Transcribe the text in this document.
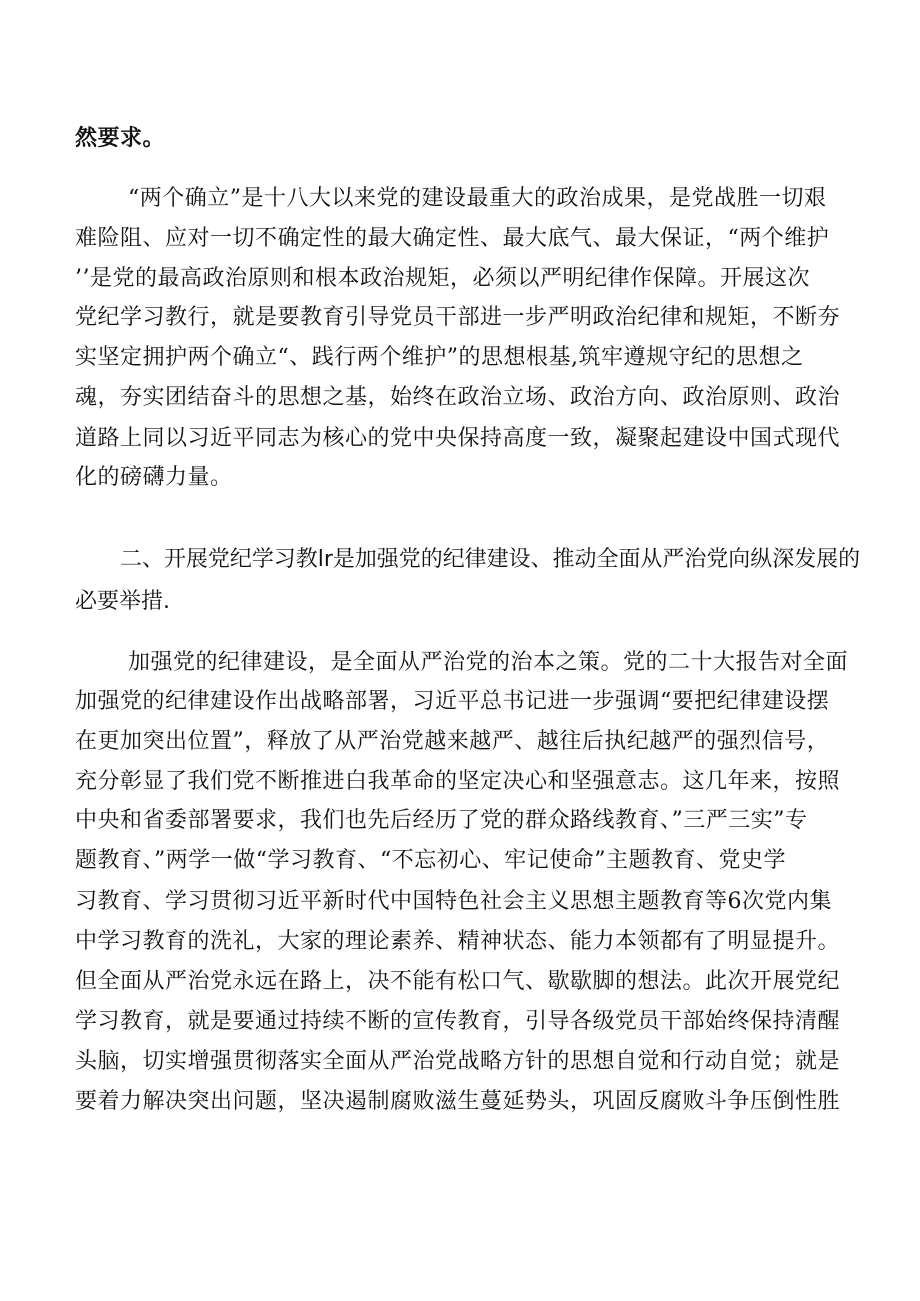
然要求。
“两个确立”是十八大以来党的建设最重大的政治成果，是党战胜一切艰
难险阻、应对一切不确定性的最大确定性、最大底气、最大保证，“两个维护
’’是党的最高政治原则和根本政治规矩，必须以严明纪律作保障。开展这次
党纪学习教行，就是要教育引导党员干部进一步严明政治纪律和规矩，不断夯
实坚定拥护两个确立“、践行两个维护”的思想根基,筑牢遵规守纪的思想之
魂，夯实团结奋斗的思想之基，始终在政治立场、政治方向、政治原则、政治
道路上同以习近平同志为核心的党中央保持高度一致，凝聚起建设中国式现代
化的磅礴力量。
二、开展党纪学习教lr是加强党的纪律建设、推动全面从严治党向纵深发展的
必要举措.
加强党的纪律建设，是全面从严治党的治本之策。党的二十大报告对全面
加强党的纪律建设作出战略部署，习近平总书记进一步强调“要把纪律建设摆
在更加突出位置”，释放了从严治党越来越严、越往后执纪越严的强烈信号，
充分彰显了我们党不断推进白我革命的坚定决心和坚强意志。这几年来，按照
中央和省委部署要求，我们也先后经历了党的群众路线教育、”三严三实”专
题教育、”两学一做“学习教育、“不忘初心、牢记使命”主题教育、党史学
习教育、学习贯彻习近平新时代中国特色社会主义思想主题教育等6次党内集
中学习教育的洗礼，大家的理论素养、精神状态、能力本领都有了明显提升。
但全面从严治党永远在路上，决不能有松口气、歇歇脚的想法。此次开展党纪
学习教育，就是要通过持续不断的宣传教育，引导各级党员干部始终保持清醒
头脑，切实增强贯彻落实全面从严治党战略方针的思想自觉和行动自觉；就是
要着力解决突出问题，坚决遏制腐败滋生蔓延势头，巩固反腐败斗争压倒性胜
